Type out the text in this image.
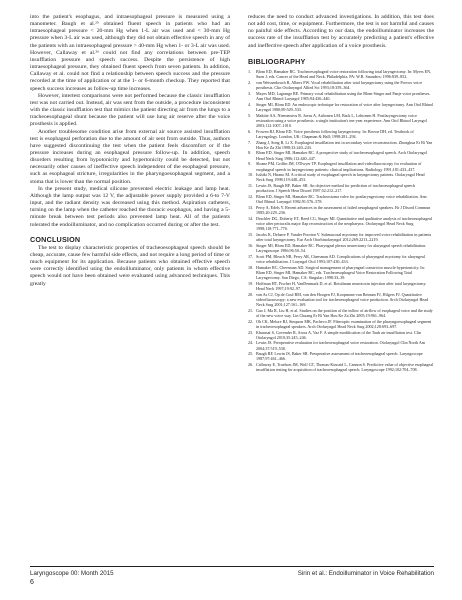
into the patient's esophagus, and intraesophageal pressure is measured using a manometer. Baugh et al.²⁵ obtained fluent speech in patients who had an intraesophageal pressure < 20-mm Hg when 1-L air was used and < 30-mm Hg pressure when 3-L air was used, although they did not obtain effective speech in any of the patients with an intraesophageal pressure > 40-mm Hg when 1- or 3-L air was used. However, Callaway et al.²⁶ could not find any correlations between pre-TEP insufflation pressure and speech success. Despite the persistence of high intraesophageal pressure, they obtained fluent speech from seven patients. In addition, Callaway et al. could not find a relationship between speech success and the pressure recorded at the time of application or at the 1- or 6-month checkup. They reported that speech success increases as follow-up time increases.

However, intertest comparisons were not performed because the classic insufflation test was not carried out. Instead, air was sent from the outside, a procedure inconsistent with the classic insufflation test that mimics the patient directing air from the lungs to a tracheoesophageal shunt because the patient will use lung air reserve after the voice prosthesis is applied.

Another troublesome condition arise from external air source assisted insufflation test is esophageal perforation due to the amount of air sent from outside. Thus, authors have suggested discontinuing the test when the patient feels discomfort or if the pressure increases during an esophageal pressure follow-up. In addition, speech disorders resulting from hypotonicity and hypertonicity could be detected, but not necessarily other causes of ineffective speech independent of the esophageal pressure, such as esophageal stricture, irregularities in the pharyngoesophageal segment, and a stoma that is lower than the normal position.

In the present study, medical silicone prevented electric leakage and lamp heat. Although the lamp output was 12 V, the adjustable power supply provided a 6-to 7-V input, and the radiant density was decreased using this method. Aspiration catheters, turning on the lamp when the catheter reached the thoracic esophagus, and having a 5-minute break between test periods also prevented lamp heat. All of the patients tolerated the endoilluminator, and no complication occurred during or after the test.

CONCLUSION

The test to display characteristic properties of tracheoesophageal speech should be cheap, accurate, cause few harmful side effects, and not require a long period of time or much equipment for its application. Because patients who obtained effective speech were correctly identified using the endoilluminator, only patients in whom effective speech would not have been obtained were evaluated using advanced techniques. This greatly

reduces the need to conduct advanced investigations. In addition, this test does not add cost, time, or equipment. Furthermore, the test is not harmful and causes no painful side effects. According to our data, the endoilluminator increases the success rate of the insufflation test by accurately predicting a patient's effective and ineffective speech after application of a voice prosthesis.

BIBLIOGRAPHY
1. Blom ED, Hamaker RC. Tracheoesophageal voice restoration following total laryngectomy. In: Myers EN, Suen J, eds. Cancer of the Head and Neck. Philadelphia, PA: W.B. Saunders; 1996:839–852.
2. van Weissenbruch R, Albers FW. Vocal rehabilitation after total laryngectomy using the Provox voice prosthesis. Clin Otolaryngol Allied Sci 1993;18:359–364.
3. Mayes MD, Lagrange RE. Primary vocal rehabilitation using the Blom-Singer and Panje voice prostheses. Ann Otol Rhinol Laryngol 1985;94:436–440.
4. Singer MI, Blom ED. An endoscopic technique for restoration of voice after laryngectomy. Ann Otol Rhinol Laryngol 1980;89:529–533.
5. Makitie AA, Niemensivu R, Juvas A, Aaltonen LM, Back L, Lehtonen H. Postlaryngectomy voice restoration using a voice prosthesis: a single institution's ten-year experience. Ann Otol Rhinol Laryngol 2003;112:1007–1010.
6. Frowen RJ, Blom ED. Voice prosthesis following laryngectomy. In: Brown DH, ed. Textbook of Laryngology. London, UK: Chapman & Hall; 1998:281–294.
7. Zhang J, Song R, Li X. Esophageal insufflation test in secondary voice reconstruction. Zhonghua Er Bi Yan Hou Ke Za Zhi 1998;33:240–243.
8. Blom ED, Singer MI, Hamaker RC. A prospective study of tracheoesophageal speech. Arch Otolaryngol Head Neck Surg 1986;112:440–447.
9. Sloane PM, Griffin JM, O'Dwyer TP. Esophageal insufflation and videofluoroscopy for evaluation of esophageal speech in laryngectomy patients: clinical implications. Radiology 1991;181:433–437.
10. Isshiki N, Hirano M. A critical study of esophageal speech in laryngectomy patients. Otolaryngol Head Neck Surg 1998;119:448–453.
11. Lewin JS, Baugh RF, Baker SR. An objective method for prediction of tracheoesophageal speech production. J Speech Hear Disord 1987;52:212–217.
12. Blom ED, Singer MI, Hamaker RC. Tracheostoma valve for postlaryngectomy voice rehabilitation. Ann Otol Rhinol Laryngol 1982;91:576–578.
13. Perry A, Edels Y. Recent advances in the assessment of failed oesophageal speakers. Br J Disord Commun 1985;20:229–236.
14. Deschler DG, Doherty ET, Reed CG, Singer MI. Quantitative and qualitative analysis of tracheoesophageal voice after pectoralis major flap reconstruction of the neopharynx. Otolaryngol Head Neck Surg 1998;118:771–776.
15. Jacobs K, Delaere P, Vander Poorten V. Submucosal myotomy for improved voice rehabilitation in patients after total laryngectomy. Eur Arch Otorhinolaryngol 2012;269:2213–2219.
16. Singer MI, Blom ED, Hamaker RC. Pharyngeal plexus neurectomy for alaryngeal speech rehabilitation. Laryngoscope 1986;96:50–54.
17. Scott PM, Bleach NR, Perry AR, Cheesman AD. Complications of pharyngeal myotomy for alaryngeal voice rehabilitation. J Laryngol Otol 1993;107:430–433.
18. Hamaker RC, Cheesman AD. Surgical management of pharyngeal constrictor muscle hypertonicity. In: Blom ED, Singer MI, Hamaker RC, eds. Tracheoesophageal Voice Restoration Following Total Laryngectomy. San Diego, CA: Singular; 1998:33–39.
19. Hoffman HT, Fischer H, VanDenmark D, et al. Botulinum neurotoxin injection after total laryngectomy. Head Neck 1997;19:92–97.
20. van As CJ, Op de Coul BM, van den Hoogen FJ, Koopmans-van Beinum FJ, Hilgers FJ. Quantitative videofluoroscopy: a new evaluation tool for tracheoesophageal voice production. Arch Otolaryngol Head Neck Surg 2001;127:161–169.
21. Gao J, Ma R, Liu H, et al. Studies on the position of the inflow of airflow of esophageal voice and the study of the new voice way. Lin Chuang Er Bi Yan Hou Ke Za Zhi 2005;19:961–964.
22. Oh CK, Melore RJ, Simpson MK, Pacheco JF. Fiberoptic examination of the pharyngoesophageal segment in tracheoesophageal speakers. Arch Otolaryngol Head Neck Surg 2002;128:693–697.
23. Kharasat S, Govender R, Arora A, Vaz F. A simple modification of the Taub air insufflation test. Clin Otolaryngol 2010;35:245–246.
24. Lewin JS. Preoperative evaluation for tracheoesophageal voice restoration. Otolaryngol Clin North Am 2004;37:519–530.
25. Baugh RF, Lewin JS, Baker SR. Preoperative assessment of tracheoesophageal speech. Laryngoscope 1987;97:461–466.
26. Callaway E, Truelson JM, Wolf GT, Thomas-Kincaid L, Cannon S. Predictive value of objective esophageal insufflation testing for acquisition of tracheoesophageal speech. Laryngoscope 1992;102:704–708.
Laryngoscope 00: Month 2015	Sirin et al.: Endoilluminator in Voice Rehabilitation
6
